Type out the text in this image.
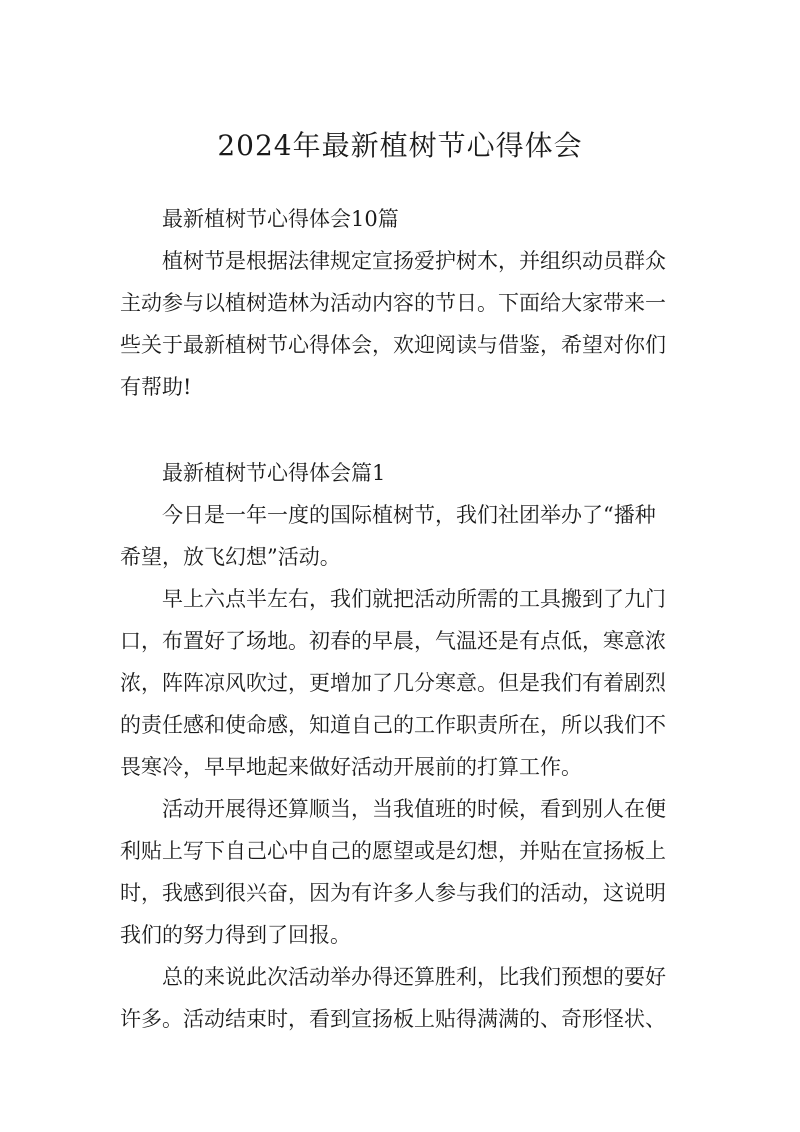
2024年最新植树节心得体会

最新植树节心得体会10篇

植树节是根据法律规定宣扬爱护树木，并组织动员群众

主动参与以植树造林为活动内容的节日。下面给大家带来一

些关于最新植树节心得体会，欢迎阅读与借鉴，希望对你们

有帮助!

最新植树节心得体会篇1

今日是一年一度的国际植树节，我们社团举办了“播种

希望，放飞幻想”活动。

早上六点半左右，我们就把活动所需的工具搬到了九门

口，布置好了场地。初春的早晨，气温还是有点低，寒意浓

浓，阵阵凉风吹过，更增加了几分寒意。但是我们有着剧烈

的责任感和使命感，知道自己的工作职责所在，所以我们不

畏寒冷，早早地起来做好活动开展前的打算工作。

活动开展得还算顺当，当我值班的时候，看到别人在便

利贴上写下自己心中自己的愿望或是幻想，并贴在宣扬板上

时，我感到很兴奋，因为有许多人参与我们的活动，这说明

我们的努力得到了回报。

总的来说此次活动举办得还算胜利，比我们预想的要好

许多。活动结束时，看到宣扬板上贴得满满的、奇形怪状、
